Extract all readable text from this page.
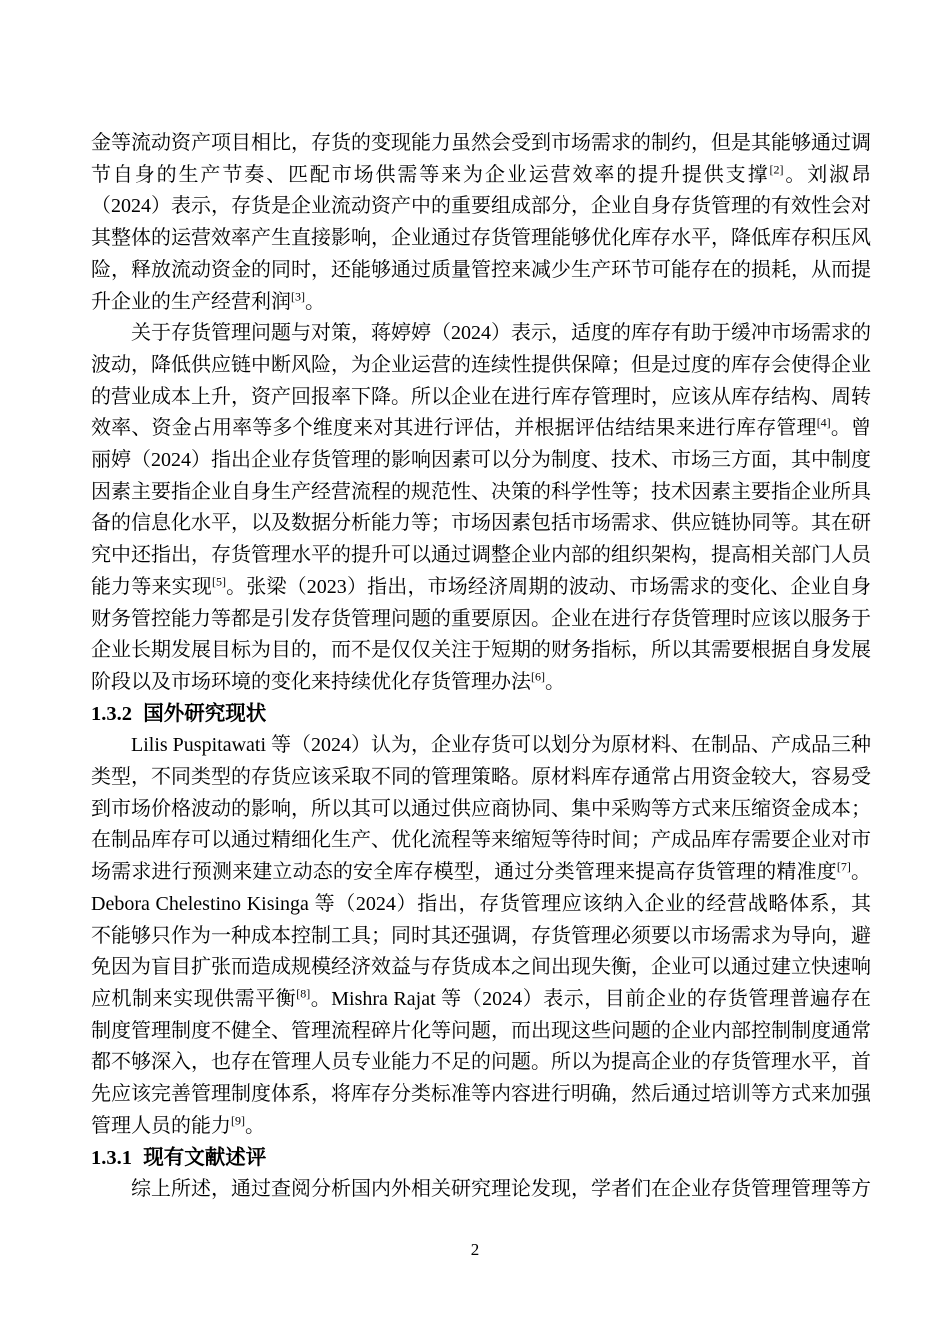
金等流动资产项目相比，存货的变现能力虽然会受到市场需求的制约，但是其能够通过调节自身的生产节奏、匹配市场供需等来为企业运营效率的提升提供支撑[2]。刘淑昂（2024）表示，存货是企业流动资产中的重要组成部分，企业自身存货管理的有效性会对其整体的运营效率产生直接影响，企业通过存货管理能够优化库存水平，降低库存积压风险，释放流动资金的同时，还能够通过质量管控来减少生产环节可能存在的损耗，从而提升企业的生产经营利润[3]。

关于存货管理问题与对策，蒋婷婷（2024）表示，适度的库存有助于缓冲市场需求的波动，降低供应链中断风险，为企业运营的连续性提供保障；但是过度的库存会使得企业的营业成本上升，资产回报率下降。所以企业在进行库存管理时，应该从库存结构、周转效率、资金占用率等多个维度来对其进行评估，并根据评估结结果来进行库存管理[4]。曾丽婷（2024）指出企业存货管理的影响因素可以分为制度、技术、市场三方面，其中制度因素主要指企业自身生产经营流程的规范性、决策的科学性等；技术因素主要指企业所具备的信息化水平，以及数据分析能力等；市场因素包括市场需求、供应链协同等。其在研究中还指出，存货管理水平的提升可以通过调整企业内部的组织架构，提高相关部门人员能力等来实现[5]。张梁（2023）指出，市场经济周期的波动、市场需求的变化、企业自身财务管控能力等都是引发存货管理问题的重要原因。企业在进行存货管理时应该以服务于企业长期发展目标为目的，而不是仅仅关注于短期的财务指标，所以其需要根据自身发展阶段以及市场环境的变化来持续优化存货管理办法[6]。

1.3.2 国外研究现状

Lilis Puspitawati 等（2024）认为，企业存货可以划分为原材料、在制品、产成品三种类型，不同类型的存货应该采取不同的管理策略。原材料库存通常占用资金较大，容易受到市场价格波动的影响，所以其可以通过供应商协同、集中采购等方式来压缩资金成本；在制品库存可以通过精细化生产、优化流程等来缩短等待时间；产成品库存需要企业对市场需求进行预测来建立动态的安全库存模型，通过分类管理来提高存货管理的精准度[7]。Debora Chelestino Kisinga 等（2024）指出，存货管理应该纳入企业的经营战略体系，其不能够只作为一种成本控制工具；同时其还强调，存货管理必须要以市场需求为导向，避免因为盲目扩张而造成规模经济效益与存货成本之间出现失衡，企业可以通过建立快速响应机制来实现供需平衡[8]。Mishra Rajat 等（2024）表示，目前企业的存货管理普遍存在制度管理制度不健全、管理流程碎片化等问题，而出现这些问题的企业内部控制制度通常都不够深入，也存在管理人员专业能力不足的问题。所以为提高企业的存货管理水平，首先应该完善管理制度体系，将库存分类标准等内容进行明确，然后通过培训等方式来加强管理人员的能力[9]。

1.3.1 现有文献述评

综上所述，通过查阅分析国内外相关研究理论发现，学者们在企业存货管理管理等方

2
